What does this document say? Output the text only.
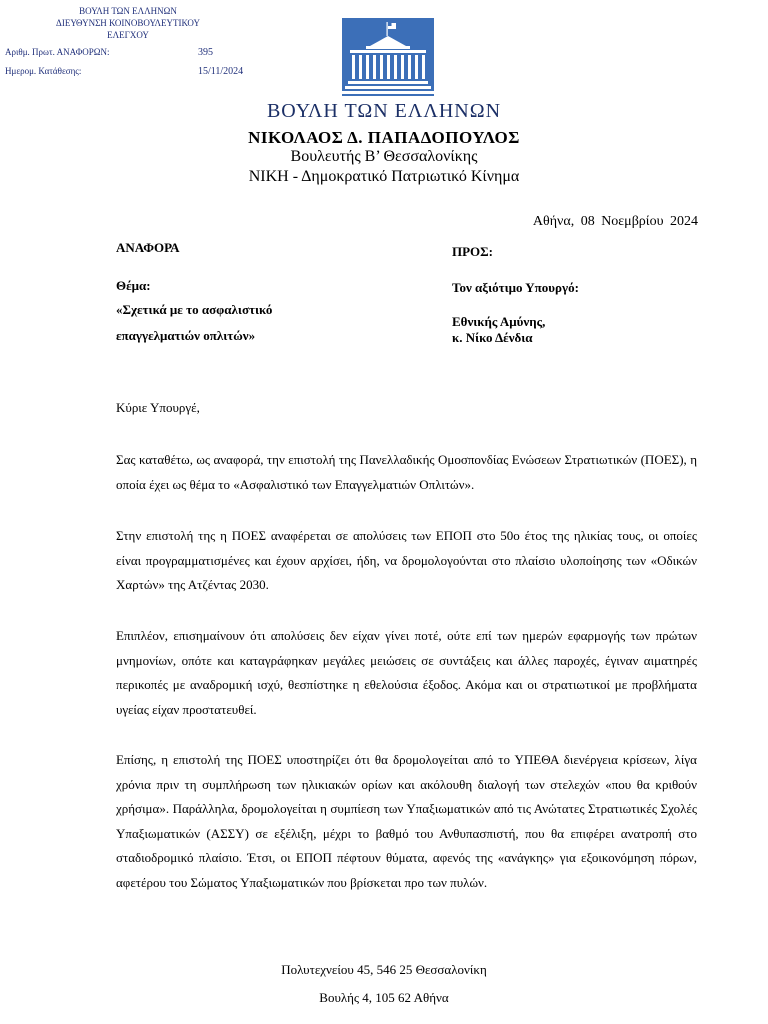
ΒΟΥΛΗ ΤΩΝ ΕΛΛΗΝΩΝ
ΔΙΕΥΘΥΝΣΗ ΚΟΙΝΟΒΟΥΛΕΥΤΙΚΟΥ ΕΛΕΓΧΟΥ
Αριθμ. Πρωτ. ΑΝΑΦΟΡΩΝ:	395
Ημερομ. Κατάθεσης:	15/11/2024
ΒΟΥΛΗ ΤΩΝ ΕΛΛΗΝΩΝ
ΝΙΚΟΛΑΟΣ Δ. ΠΑΠΑΔΟΠΟΥΛΟΣ
Βουλευτής Β’ Θεσσαλονίκης
ΝΙΚΗ - Δημοκρατικό Πατριωτικό Κίνημα
Αθήνα, 08 Νοεμβρίου 2024
ΑΝΑΦΟΡΑ
Θέμα:
«Σχετικά με το ασφαλιστικό
επαγγελματιών οπλιτών»
ΠΡΟΣ:
Τον αξιότιμο Υπουργό:
Εθνικής Αμύνης,
κ. Νίκο Δένδια
Κύριε Υπουργέ,
Σας καταθέτω, ως αναφορά, την επιστολή της Πανελλαδικής Ομοσπονδίας Ενώσεων Στρατιωτικών (ΠΟΕΣ), η οποία έχει ως θέμα το «Ασφαλιστικό των Επαγγελματιών Οπλιτών».
Στην επιστολή της η ΠΟΕΣ αναφέρεται σε απολύσεις των ΕΠΟΠ στο 50ο έτος της ηλικίας τους, οι οποίες είναι προγραμματισμένες και έχουν αρχίσει, ήδη, να δρομολογούνται στο πλαίσιο υλοποίησης των «Οδικών Χαρτών» της Ατζέντας 2030.
Επιπλέον, επισημαίνουν ότι απολύσεις δεν είχαν γίνει ποτέ, ούτε επί των ημερών εφαρμογής των πρώτων μνημονίων, οπότε και καταγράφηκαν μεγάλες μειώσεις σε συντάξεις και άλλες παροχές, έγιναν αιματηρές περικοπές με αναδρομική ισχύ, θεσπίστηκε η εθελούσια έξοδος. Ακόμα και οι στρατιωτικοί με προβλήματα υγείας είχαν προστατευθεί.
Επίσης, η επιστολή της ΠΟΕΣ υποστηρίζει ότι θα δρομολογείται από το ΥΠΕΘΑ διενέργεια κρίσεων, λίγα χρόνια πριν τη συμπλήρωση των ηλικιακών ορίων και ακόλουθη διαλογή των στελεχών «που θα κριθούν χρήσιμα». Παράλληλα, δρομολογείται η συμπίεση των Υπαξιωματικών από τις Ανώτατες Στρατιωτικές Σχολές Υπαξιωματικών (ΑΣΣΥ) σε εξέλιξη, μέχρι το βαθμό του Ανθυπασπιστή, που θα επιφέρει ανατροπή στο σταδιοδρομικό πλαίσιο. Έτσι, οι ΕΠΟΠ πέφτουν θύματα, αφενός της «ανάγκης» για εξοικονόμηση πόρων, αφετέρου του Σώματος Υπαξιωματικών που βρίσκεται προ των πυλών.
Πολυτεχνείου 45, 546 25 Θεσσαλονίκη
Βουλής 4, 105 62 Αθήνα
